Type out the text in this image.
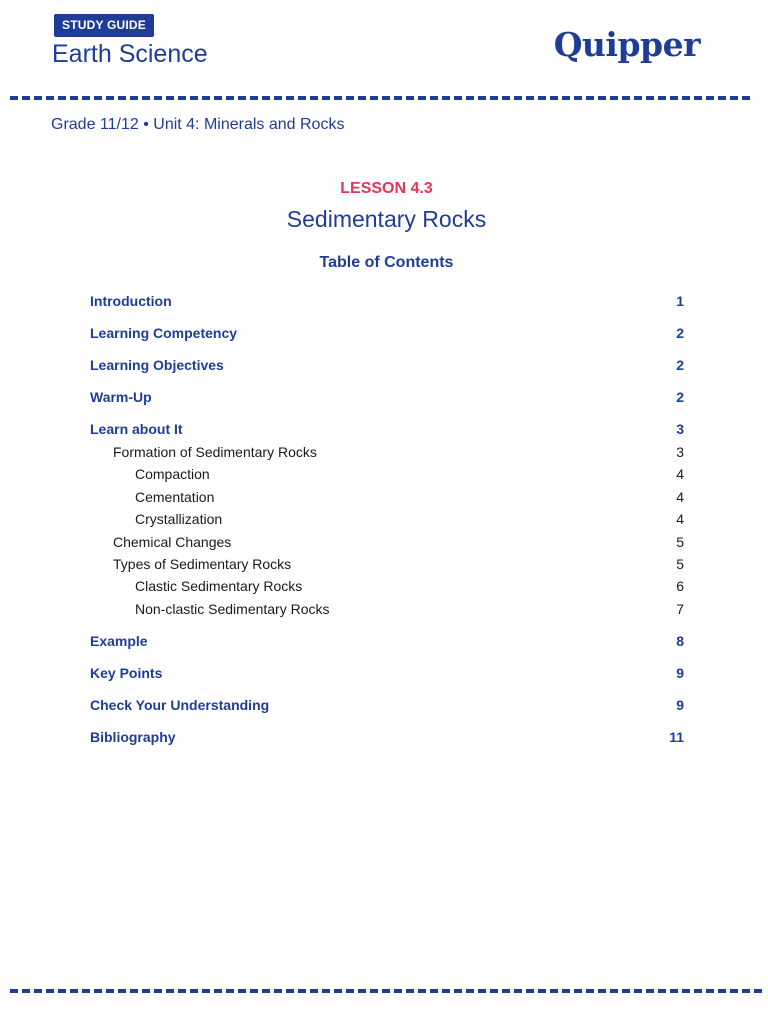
STUDY GUIDE
Earth Science	Quipper
Grade 11/12 • Unit 4: Minerals and Rocks
LESSON 4.3
Sedimentary Rocks
Table of Contents
Introduction	1
Learning Competency	2
Learning Objectives	2
Warm-Up	2
Learn about It	3
Formation of Sedimentary Rocks	3
Compaction	4
Cementation	4
Crystallization	4
Chemical Changes	5
Types of Sedimentary Rocks	5
Clastic Sedimentary Rocks	6
Non-clastic Sedimentary Rocks	7
Example	8
Key Points	9
Check Your Understanding	9
Bibliography	11
